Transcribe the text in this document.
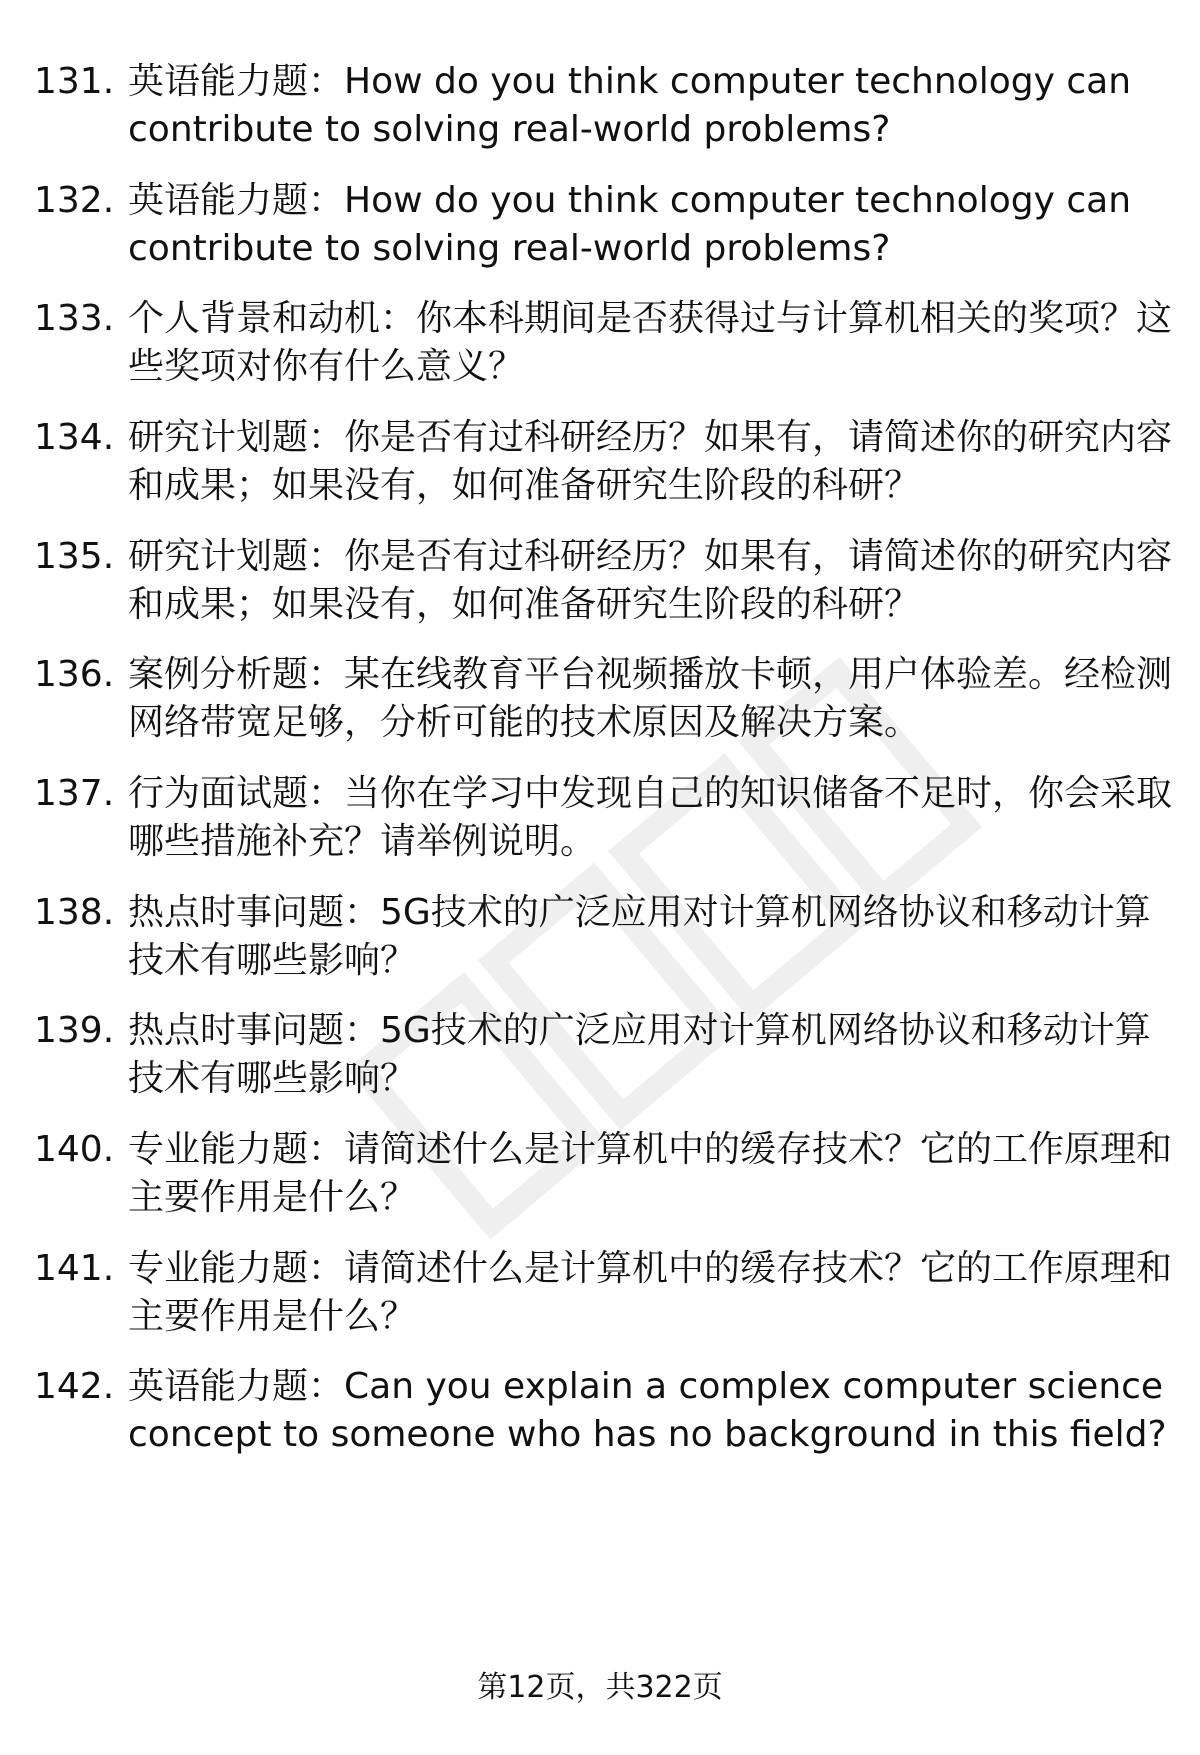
131. 英语能力题：How do you think computer technology can contribute to solving real-world problems?
132. 英语能力题：How do you think computer technology can contribute to solving real-world problems?
133. 个人背景和动机：你本科期间是否获得过与计算机相关的奖项？这些奖项对你有什么意义？
134. 研究计划题：你是否有过科研经历？如果有，请简述你的研究内容和成果；如果没有，如何准备研究生阶段的科研？
135. 研究计划题：你是否有过科研经历？如果有，请简述你的研究内容和成果；如果没有，如何准备研究生阶段的科研？
136. 案例分析题：某在线教育平台视频播放卡顿，用户体验差。经检测网络带宽足够，分析可能的技术原因及解决方案。
137. 行为面试题：当你在学习中发现自己的知识储备不足时，你会采取哪些措施补充？请举例说明。
138. 热点时事问题：5G技术的广泛应用对计算机网络协议和移动计算技术有哪些影响？
139. 热点时事问题：5G技术的广泛应用对计算机网络协议和移动计算技术有哪些影响？
140. 专业能力题：请简述什么是计算机中的缓存技术？它的工作原理和主要作用是什么？
141. 专业能力题：请简述什么是计算机中的缓存技术？它的工作原理和主要作用是什么？
142. 英语能力题：Can you explain a complex computer science concept to someone who has no background in this field?
第12页，共322页
